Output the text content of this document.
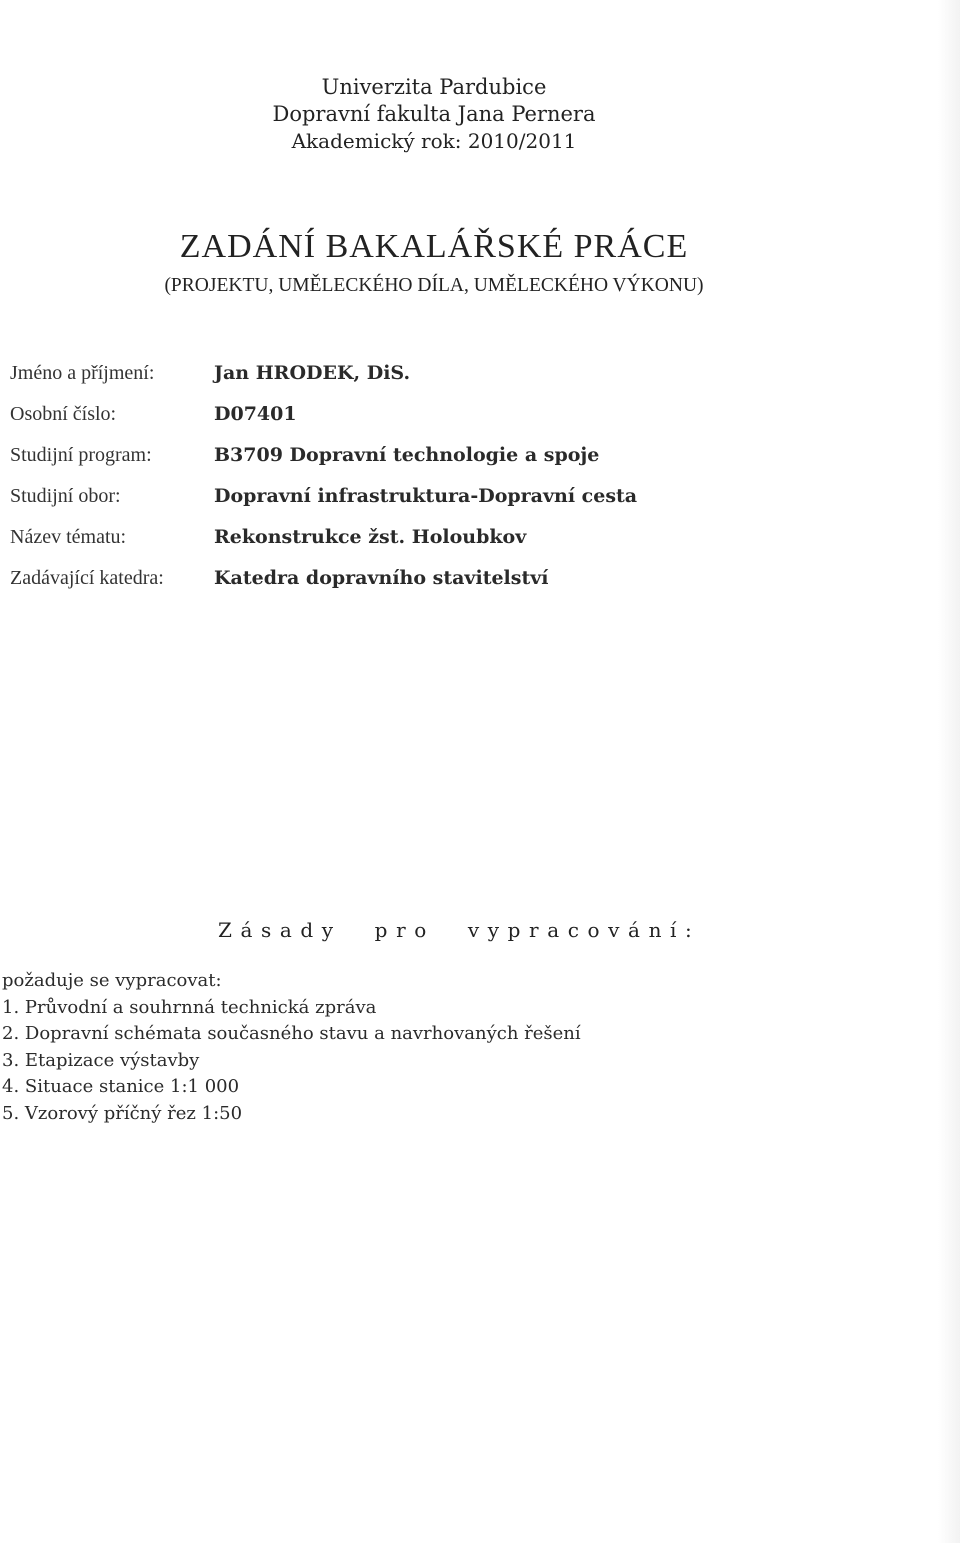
Univerzita Pardubice
Dopravní fakulta Jana Pernera
Akademický rok: 2010/2011
ZADÁNÍ BAKALÁŘSKÉ PRÁCE
(PROJEKTU, UMĚLECKÉHO DÍLA, UMĚLECKÉHO VÝKONU)
Jméno a příjmení:	Jan HRODEK, DiS.
Osobní číslo:	D07401
Studijní program:	B3709 Dopravní technologie a spoje
Studijní obor:	Dopravní infrastruktura-Dopravní cesta
Název tématu:	Rekonstrukce žst. Holoubkov
Zadávající katedra:	Katedra dopravního stavitelství
Zásady pro vypracování:
požaduje se vypracovat:
1. Průvodní a souhrnná technická zpráva
2. Dopravní schémata současného stavu a navrhovaných řešení
3. Etapizace výstavby
4. Situace stanice 1:1 000
5. Vzorový příčný řez 1:50
